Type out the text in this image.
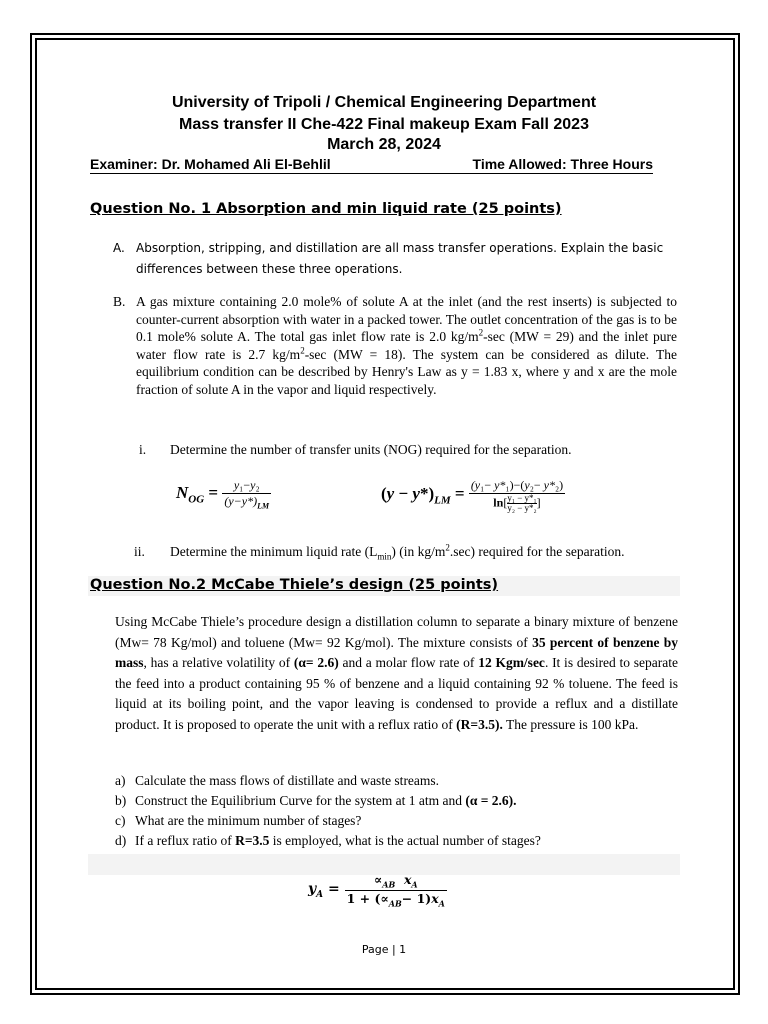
University of Tripoli / Chemical Engineering Department
Mass transfer II Che-422 Final makeup Exam Fall 2023
March 28, 2024
Examiner: Dr. Mohamed Ali El-Behlil	Time Allowed: Three Hours
Question No. 1 Absorption and min liquid rate (25 points)
A. Absorption, stripping, and distillation are all mass transfer operations. Explain the basic differences between these three operations.
B. A gas mixture containing 2.0 mole% of solute A at the inlet (and the rest inserts) is subjected to counter-current absorption with water in a packed tower. The outlet concentration of the gas is to be 0.1 mole% solute A. The total gas inlet flow rate is 2.0 $kg/m^2-\sec$ (MW = 29) and the inlet pure water flow rate is 2.7 $kg/m^2-\sec$ (MW = 18). The system can be considered as dilute. The equilibrium condition can be described by Henry's Law as y = 1.83 x, where y and x are the mole fraction of solute A in the vapor and liquid respectively.
i. Determine the number of transfer units (NOG) required for the separation.
$N_{OG} = \frac{\text{y₁−y₂}}{(y-y*)_{LM}}$	$(y - y*)_{LM} = \frac{\text{(y₁− y*₁)−(y₂− y*₂)}}{\ln[ \frac{\text{y₁ − y*₁}}{\text{y₂ − y*₂}} ]}$
ii. Determine the minimum liquid rate $(L_{min})$ (in $kg/m^2.\sec$) required for the separation.
Question No.2 McCabe Thiele’s design (25 points)
Using McCabe Thiele’s procedure design a distillation column to separate a binary mixture of benzene (Mw= 78 Kg/mol) and toluene (Mw= 92 Kg/mol). The mixture consists of 35 percent of benzene by mass, has a relative volatility of (α= 2.6) and a molar flow rate of 12 Kgm/sec. It is desired to separate the feed into a product containing 95 % of benzene and a liquid containing 92 % toluene. The feed is liquid at its boiling point, and the vapor leaving is condensed to provide a reflux and a distillate product. It is proposed to operate the unit with a reflux ratio of (R=3.5). The pressure is 100 kPa.
a) Calculate the mass flows of distillate and waste streams.
b) Construct the Equilibrium Curve for the system at 1 atm and (α = 2.6).
c) What are the minimum number of stages?
d) If a reflux ratio of R=3.5 is employed, what is the actual number of stages?
$y_A = \frac{\propto_{AB} x_A}{1 + (\propto_{AB}- 1)x_A}$
Page | 1
